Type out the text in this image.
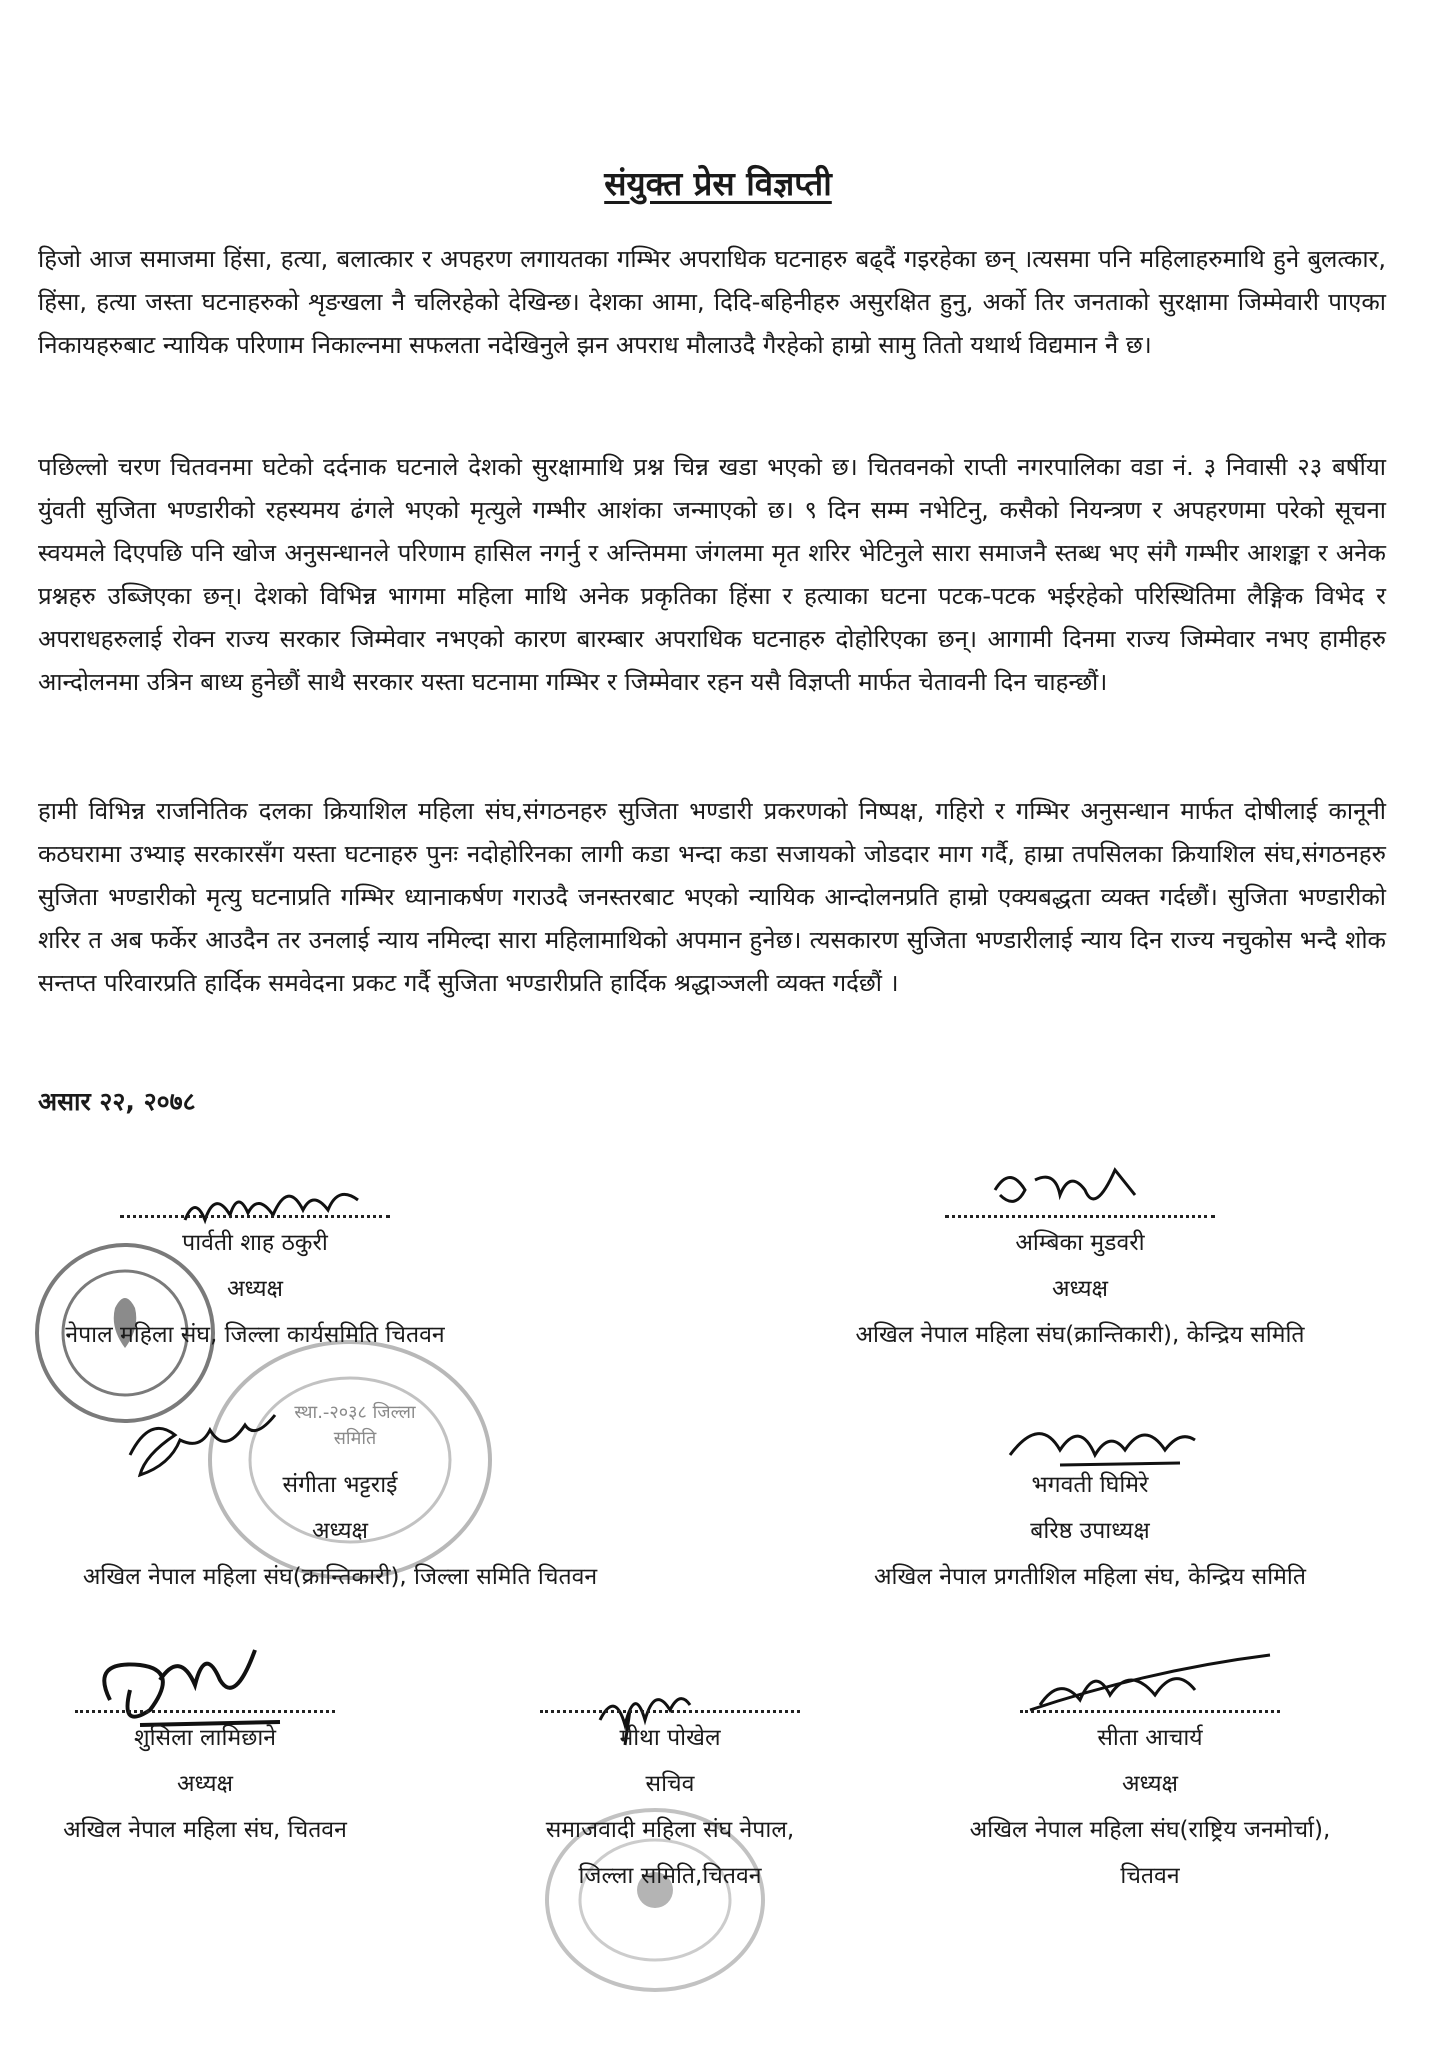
संयुक्त प्रेस विज्ञप्ती

हिजो आज समाजमा हिंसा, हत्या, बलात्कार र अपहरण लगायतका गम्भिर अपराधिक घटनाहरु बढ्दैं गइरहेका छन् ।त्यसमा पनि महिलाहरुमाथि हुने बुलत्कार, हिंसा, हत्या जस्ता घटनाहरुको शृङखला नै चलिरहेको देखिन्छ। देशका आमा, दिदि-बहिनीहरु असुरक्षित हुनु, अर्को तिर जनताको सुरक्षामा जिम्मेवारी पाएका निकायहरुबाट न्यायिक परिणाम निकाल्नमा सफलता नदेखिनुले झन अपराध मौलाउदै गैरहेको हाम्रो सामु तितो यथार्थ विद्यमान नै छ।

पछिल्लो चरण चितवनमा घटेको दर्दनाक घटनाले देशको सुरक्षामाथि प्रश्न चिन्न खडा भएको छ। चितवनको राप्ती नगरपालिका वडा नं. ३ निवासी २३ बर्षीया युंवती सुजिता भण्डारीको रहस्यमय ढंगले भएको मृत्युले गम्भीर आशंका जन्माएको छ। ९ दिन सम्म नभेटिनु, कसैको नियन्त्रण र अपहरणमा परेको सूचना स्वयमले दिएपछि पनि खोज अनुसन्धानले परिणाम हासिल नगर्नु र अन्तिममा जंगलमा मृत शरिर भेटिनुले सारा समाजनै स्तब्ध भए संगै गम्भीर आशङ्का र अनेक प्रश्नहरु उब्जिएका छन्। देशको विभिन्न भागमा महिला माथि अनेक प्रकृतिका हिंसा र हत्याका घटना पटक-पटक भईरहेको परिस्थितिमा लैङ्गिक विभेद र अपराधहरुलाई रोक्न राज्य सरकार जिम्मेवार नभएको कारण बारम्बार अपराधिक घटनाहरु दोहोरिएका छन्। आगामी दिनमा राज्य जिम्मेवार नभए हामीहरु आन्दोलनमा उत्रिन बाध्य हुनेछौं साथै सरकार यस्ता घटनामा गम्भिर र जिम्मेवार रहन यसै विज्ञप्ती मार्फत चेतावनी दिन चाहन्छौं।

हामी विभिन्न राजनितिक दलका क्रियाशिल महिला संघ,संगठनहरु सुजिता भण्डारी प्रकरणको निष्पक्ष, गहिरो र गम्भिर अनुसन्धान मार्फत दोषीलाई कानूनी कठघरामा उभ्याइ सरकारसँग यस्ता घटनाहरु पुनः नदोहोरिनका लागी कडा भन्दा कडा सजायको जोडदार माग गर्दै, हाम्रा तपसिलका क्रियाशिल संघ,संगठनहरु सुजिता भण्डारीको मृत्यु घटनाप्रति गम्भिर ध्यानाकर्षण गराउदै जनस्तरबाट भएको न्यायिक आन्दोलनप्रति हाम्रो एक्यबद्धता व्यक्त गर्दछौं। सुजिता भण्डारीको शरिर त अब फर्केर आउदैन तर उनलाई न्याय नमिल्दा सारा महिलामाथिको अपमान हुनेछ। त्यसकारण सुजिता भण्डारीलाई न्याय दिन राज्य नचुकोस भन्दै शोक सन्तप्त परिवारप्रति हार्दिक समवेदना प्रकट गर्दै सुजिता भण्डारीप्रति हार्दिक श्रद्धाञ्जली व्यक्त गर्दछौं ।

असार २२, २०७८
स्था.-२०३८ जिल्ला समिति
पार्वती शाह ठकुरी
अध्यक्ष
नेपाल महिला संघ, जिल्ला कार्यसमिति चितवन
अम्बिका मुडवरी
अध्यक्ष
अखिल नेपाल महिला संघ(क्रान्तिकारी), केन्द्रिय समिति
संगीता भट्टराई
अध्यक्ष
अखिल नेपाल महिला संघ(क्रान्तिकारी), जिल्ला समिति चितवन
भगवती घिमिरे
बरिष्ठ उपाध्यक्ष
अखिल नेपाल प्रगतीशिल महिला संघ, केन्द्रिय समिति
शुसिला लामिछाने
अध्यक्ष
अखिल नेपाल महिला संघ, चितवन
मीथा पोखेल
सचिव
समाजवादी महिला संघ नेपाल,
जिल्ला समिति,चितवन
सीता आचार्य
अध्यक्ष
अखिल नेपाल महिला संघ(राष्ट्रिय जनमोर्चा),
चितवन
